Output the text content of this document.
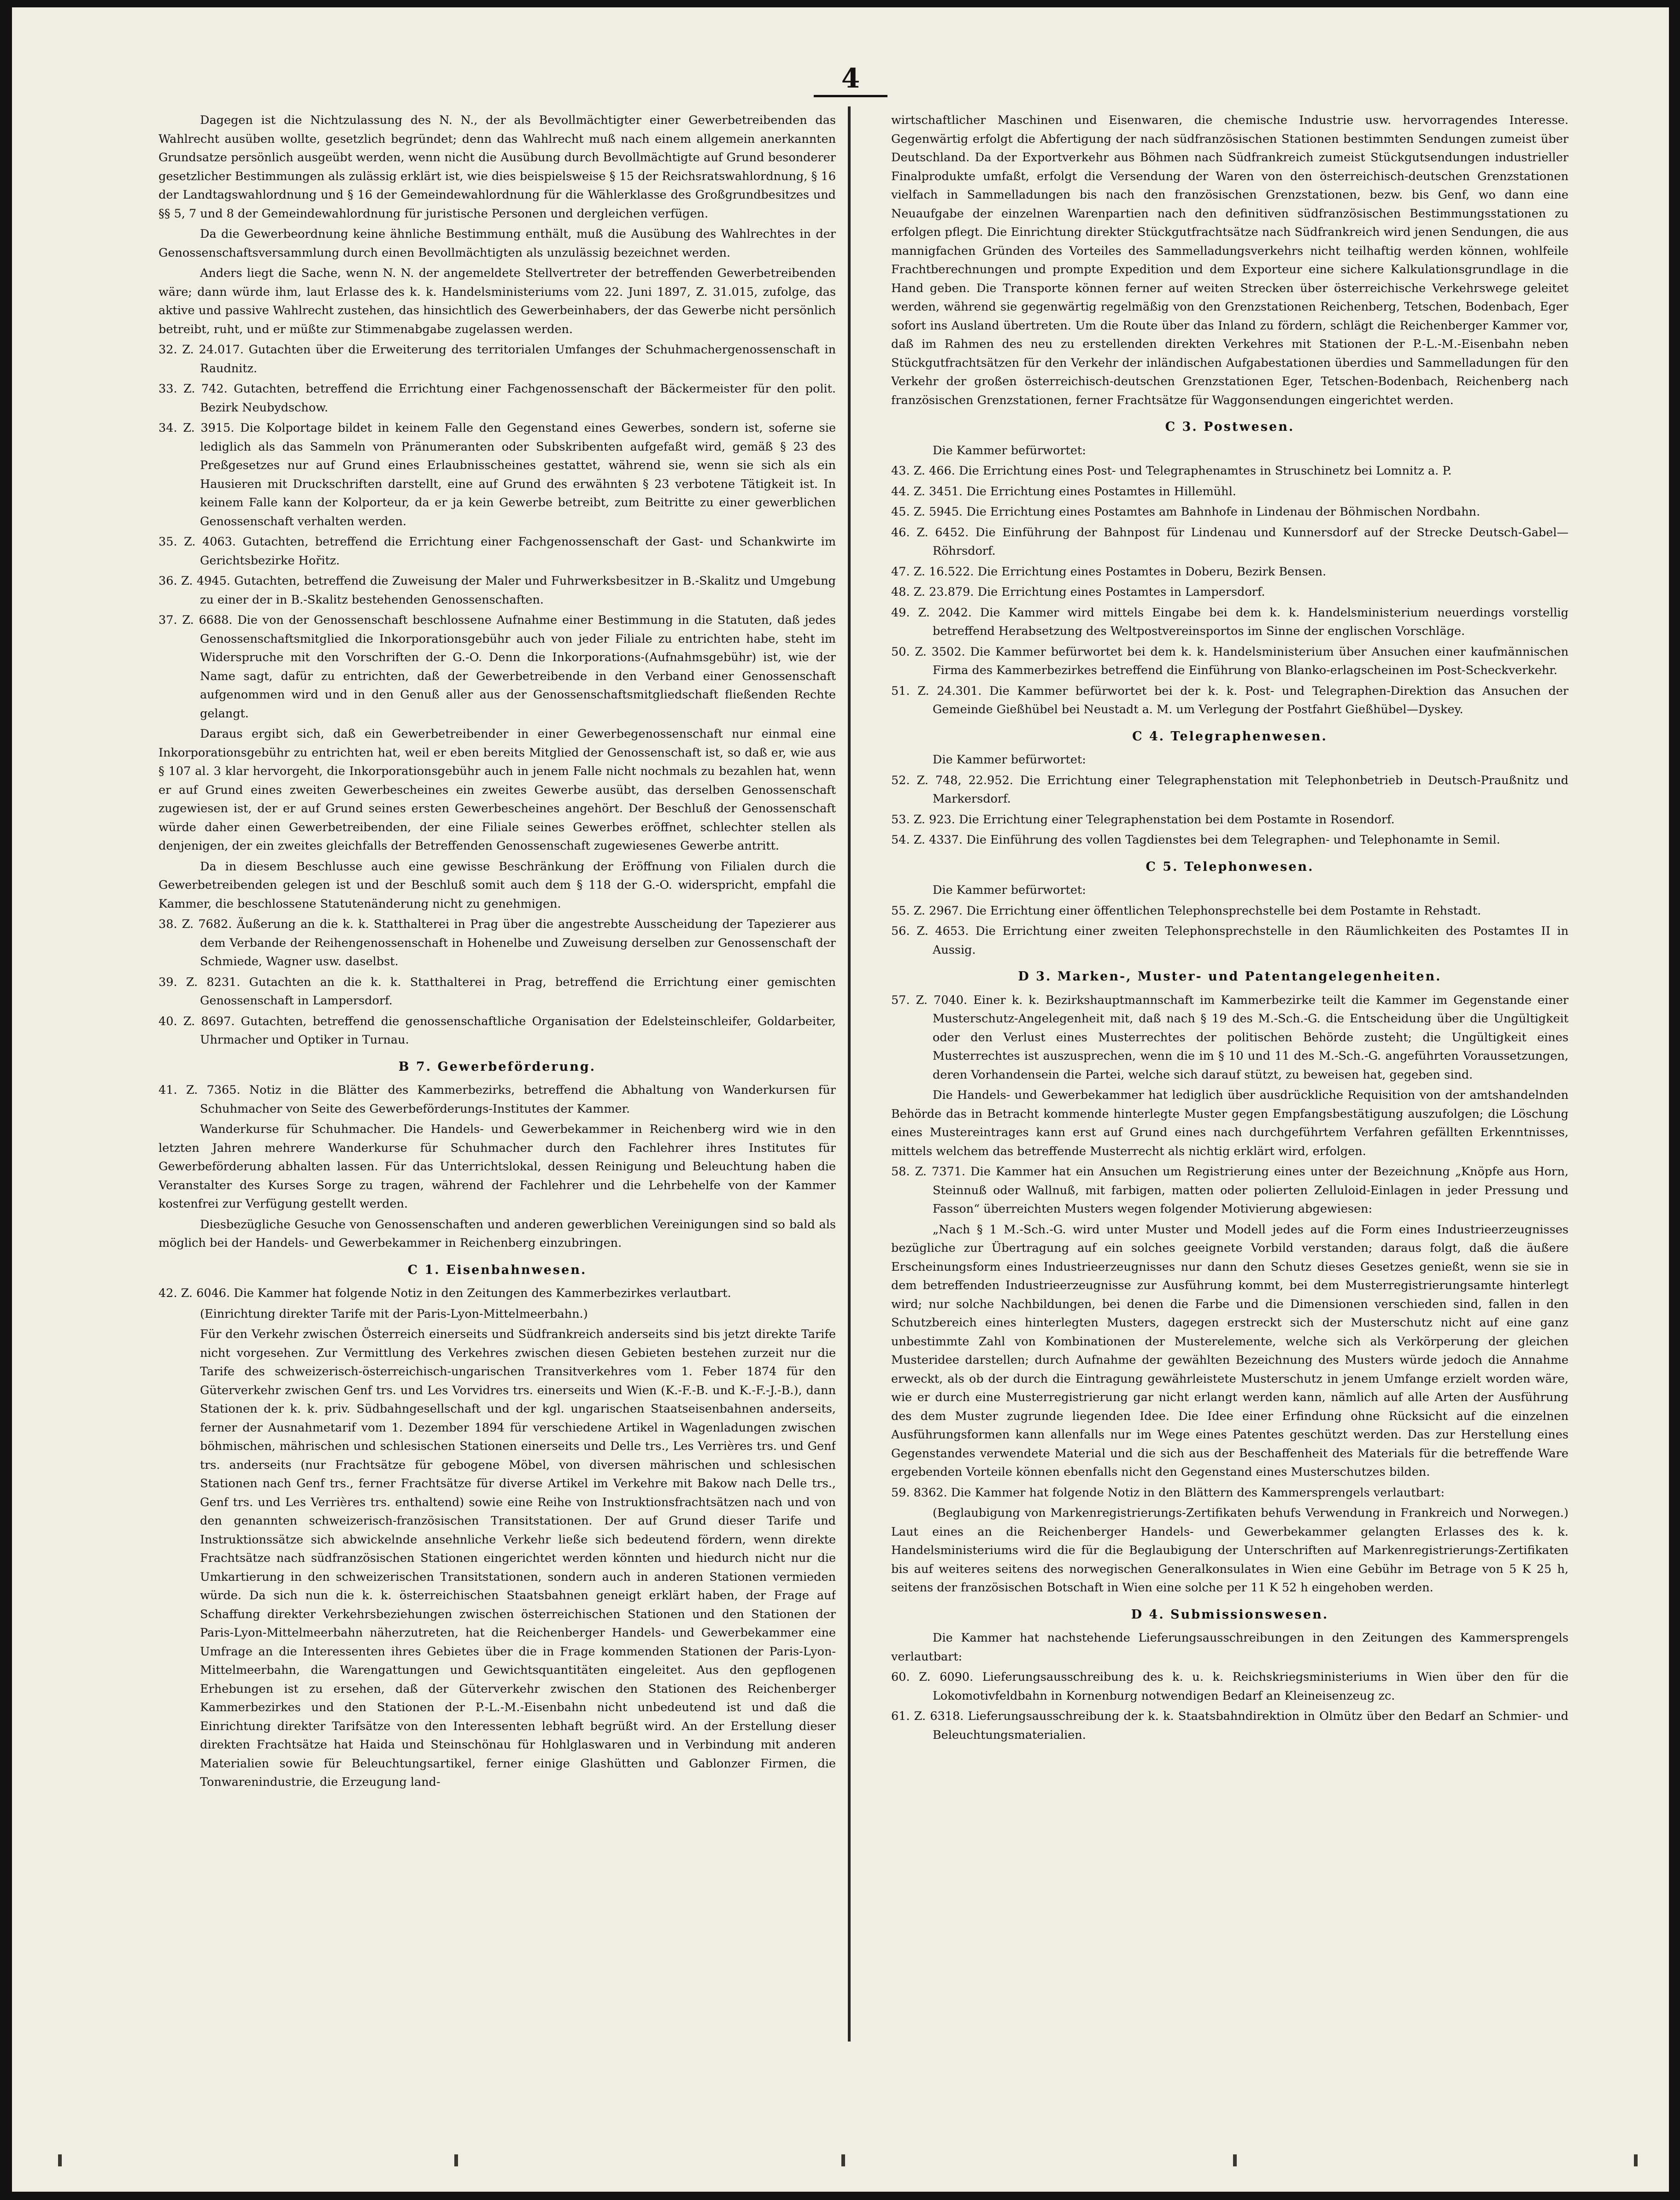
4

Dagegen ist die Nichtzulassung des N. N., der als Bevollmächtigter einer Gewerbetreibenden das Wahlrecht ausüben wollte, gesetzlich begründet; denn das Wahlrecht muß nach einem allgemein anerkannten Grundsatze persönlich ausgeübt werden, wenn nicht die Ausübung durch Bevollmächtigte auf Grund besonderer gesetzlicher Bestimmungen als zulässig erklärt ist, wie dies beispielsweise § 15 der Reichsratswahlordnung, § 16 der Landtagswahlordnung und § 16 der Gemeindewahlordnung für die Wählerklasse des Großgrundbesitzes und §§ 5, 7 und 8 der Gemeindewahlordnung für juristische Personen und dergleichen verfügen.

Da die Gewerbeordnung keine ähnliche Bestimmung enthält, muß die Ausübung des Wahlrechtes in der Genossenschaftsversammlung durch einen Bevollmächtigten als unzulässig bezeichnet werden.

Anders liegt die Sache, wenn N. N. der angemeldete Stellvertreter der betreffenden Gewerbetreibenden wäre; dann würde ihm, laut Erlasse des k. k. Handelsministeriums vom 22. Juni 1897, Z. 31.015, zufolge, das aktive und passive Wahlrecht zustehen, das hinsichtlich des Gewerbeinhabers, der das Gewerbe nicht persönlich betreibt, ruht, und er müßte zur Stimmenabgabe zugelassen werden.

32. Z. 24.017. Gutachten über die Erweiterung des territorialen Umfanges der Schuhmachergenossenschaft in Raudnitz.

33. Z. 742. Gutachten, betreffend die Errichtung einer Fachgenossenschaft der Bäckermeister für den polit. Bezirk Neubydschow.

34. Z. 3915. Die Kolportage bildet in keinem Falle den Gegenstand eines Gewerbes, sondern ist, soferne sie lediglich als das Sammeln von Pränumeranten oder Subskribenten aufgefaßt wird, gemäß § 23 des Preßgesetzes nur auf Grund eines Erlaubnisscheines gestattet, während sie, wenn sie sich als ein Hausieren mit Druckschriften darstellt, eine auf Grund des erwähnten § 23 verbotene Tätigkeit ist. In keinem Falle kann der Kolporteur, da er ja kein Gewerbe betreibt, zum Beitritte zu einer gewerblichen Genossenschaft verhalten werden.

35. Z. 4063. Gutachten, betreffend die Errichtung einer Fachgenossenschaft der Gast- und Schankwirte im Gerichtsbezirke Hořitz.

36. Z. 4945. Gutachten, betreffend die Zuweisung der Maler und Fuhrwerksbesitzer in B.-Skalitz und Umgebung zu einer der in B.-Skalitz bestehenden Genossenschaften.

37. Z. 6688. Die von der Genossenschaft beschlossene Aufnahme einer Bestimmung in die Statuten, daß jedes Genossenschaftsmitglied die Inkorporationsgebühr auch von jeder Filiale zu entrichten habe, steht im Widerspruche mit den Vorschriften der G.-O. Denn die Inkorporations-(Aufnahmsgebühr) ist, wie der Name sagt, dafür zu entrichten, daß der Gewerbetreibende in den Verband einer Genossenschaft aufgenommen wird und in den Genuß aller aus der Genossenschaftsmitgliedschaft fließenden Rechte gelangt.

Daraus ergibt sich, daß ein Gewerbetreibender in einer Gewerbegenossenschaft nur einmal eine Inkorporationsgebühr zu entrichten hat, weil er eben bereits Mitglied der Genossenschaft ist, so daß er, wie aus § 107 al. 3 klar hervorgeht, die Inkorporationsgebühr auch in jenem Falle nicht nochmals zu bezahlen hat, wenn er auf Grund eines zweiten Gewerbescheines ein zweites Gewerbe ausübt, das derselben Genossenschaft zugewiesen ist, der er auf Grund seines ersten Gewerbescheines angehört. Der Beschluß der Genossenschaft würde daher einen Gewerbetreibenden, der eine Filiale seines Gewerbes eröffnet, schlechter stellen als denjenigen, der ein zweites gleichfalls der Betreffenden Genossenschaft zugewiesenes Gewerbe antritt.

Da in diesem Beschlusse auch eine gewisse Beschränkung der Eröffnung von Filialen durch die Gewerbetreibenden gelegen ist und der Beschluß somit auch dem § 118 der G.-O. widerspricht, empfahl die Kammer, die beschlossene Statutenänderung nicht zu genehmigen.

38. Z. 7682. Äußerung an die k. k. Statthalterei in Prag über die angestrebte Ausscheidung der Tapezierer aus dem Verbande der Reihengenossenschaft in Hohenelbe und Zuweisung derselben zur Genossenschaft der Schmiede, Wagner usw. daselbst.

39. Z. 8231. Gutachten an die k. k. Statthalterei in Prag, betreffend die Errichtung einer gemischten Genossenschaft in Lampersdorf.

40. Z. 8697. Gutachten, betreffend die genossenschaftliche Organisation der Edelsteinschleifer, Goldarbeiter, Uhrmacher und Optiker in Turnau.

B 7. Gewerbeförderung.

41. Z. 7365. Notiz in die Blätter des Kammerbezirks, betreffend die Abhaltung von Wanderkursen für Schuhmacher von Seite des Gewerbeförderungs-Institutes der Kammer.

Wanderkurse für Schuhmacher. Die Handels- und Gewerbekammer in Reichenberg wird wie in den letzten Jahren mehrere Wanderkurse für Schuhmacher durch den Fachlehrer ihres Institutes für Gewerbeförderung abhalten lassen. Für das Unterrichtslokal, dessen Reinigung und Beleuchtung haben die Veranstalter des Kurses Sorge zu tragen, während der Fachlehrer und die Lehrbehelfe von der Kammer kostenfrei zur Verfügung gestellt werden.

Diesbezügliche Gesuche von Genossenschaften und anderen gewerblichen Vereinigungen sind so bald als möglich bei der Handels- und Gewerbekammer in Reichenberg einzubringen.

C 1. Eisenbahnwesen.

42. Z. 6046. Die Kammer hat folgende Notiz in den Zeitungen des Kammerbezirkes verlautbart.

(Einrichtung direkter Tarife mit der Paris-Lyon-Mittelmeerbahn.)

Für den Verkehr zwischen Österreich einerseits und Südfrankreich anderseits sind bis jetzt direkte Tarife nicht vorgesehen. Zur Vermittlung des Verkehres zwischen diesen Gebieten bestehen zurzeit nur die Tarife des schweizerisch-österreichisch-ungarischen Transitverkehres vom 1. Feber 1874 für den Güterverkehr zwischen Genf trs. und Les Vorvidres trs. einerseits und Wien (K.-F.-B. und K.-F.-J.-B.), dann Stationen der k. k. priv. Südbahngesellschaft und der kgl. ungarischen Staatseisenbahnen anderseits, ferner der Ausnahmetarif vom 1. Dezember 1894 für verschiedene Artikel in Wagenladungen zwischen böhmischen, mährischen und schlesischen Stationen einerseits und Delle trs., Les Verrières trs. und Genf trs. anderseits (nur Frachtsätze für gebogene Möbel, von diversen mährischen und schlesischen Stationen nach Genf trs., ferner Frachtsätze für diverse Artikel im Verkehre mit Bakow nach Delle trs., Genf trs. und Les Verrières trs. enthaltend) sowie eine Reihe von Instruktionsfrachtsätzen nach und von den genannten schweizerisch-französischen Transitstationen. Der auf Grund dieser Tarife und Instruktionssätze sich abwickelnde ansehnliche Verkehr ließe sich bedeutend fördern, wenn direkte Frachtsätze nach südfranzösischen Stationen eingerichtet werden könnten und hiedurch nicht nur die Umkartierung in den schweizerischen Transitstationen, sondern auch in anderen Stationen vermieden würde. Da sich nun die k. k. österreichischen Staatsbahnen geneigt erklärt haben, der Frage auf Schaffung direkter Verkehrsbeziehungen zwischen österreichischen Stationen und den Stationen der Paris-Lyon-Mittelmeerbahn näherzutreten, hat die Reichenberger Handels- und Gewerbekammer eine Umfrage an die Interessenten ihres Gebietes über die in Frage kommenden Stationen der Paris-Lyon-Mittelmeerbahn, die Warengattungen und Gewichtsquantitäten eingeleitet. Aus den gepflogenen Erhebungen ist zu ersehen, daß der Güterverkehr zwischen den Stationen des Reichenberger Kammerbezirkes und den Stationen der P.-L.-M.-Eisenbahn nicht unbedeutend ist und daß die Einrichtung direkter Tarifsätze von den Interessenten lebhaft begrüßt wird. An der Erstellung dieser direkten Frachtsätze hat Haida und Steinschönau für Hohlglaswaren und in Verbindung mit anderen Materialien sowie für Beleuchtungsartikel, ferner einige Glashütten und Gablonzer Firmen, die Tonwarenindustrie, die Erzeugung land-

wirtschaftlicher Maschinen und Eisenwaren, die chemische Industrie usw. hervorragendes Interesse. Gegenwärtig erfolgt die Abfertigung der nach südfranzösischen Stationen bestimmten Sendungen zumeist über Deutschland. Da der Exportverkehr aus Böhmen nach Südfrankreich zumeist Stückgutsendungen industrieller Finalprodukte umfaßt, erfolgt die Versendung der Waren von den österreichisch-deutschen Grenzstationen vielfach in Sammelladungen bis nach den französischen Grenzstationen, bezw. bis Genf, wo dann eine Neuaufgabe der einzelnen Warenpartien nach den definitiven südfranzösischen Bestimmungsstationen zu erfolgen pflegt. Die Einrichtung direkter Stückgutfrachtsätze nach Südfrankreich wird jenen Sendungen, die aus mannigfachen Gründen des Vorteiles des Sammelladungsverkehrs nicht teilhaftig werden können, wohlfeile Frachtberechnungen und prompte Expedition und dem Exporteur eine sichere Kalkulationsgrundlage in die Hand geben. Die Transporte können ferner auf weiten Strecken über österreichische Verkehrswege geleitet werden, während sie gegenwärtig regelmäßig von den Grenzstationen Reichenberg, Tetschen, Bodenbach, Eger sofort ins Ausland übertreten. Um die Route über das Inland zu fördern, schlägt die Reichenberger Kammer vor, daß im Rahmen des neu zu erstellenden direkten Verkehres mit Stationen der P.-L.-M.-Eisenbahn neben Stückgutfrachtsätzen für den Verkehr der inländischen Aufgabestationen überdies und Sammelladungen für den Verkehr der großen österreichisch-deutschen Grenzstationen Eger, Tetschen-Bodenbach, Reichenberg nach französischen Grenzstationen, ferner Frachtsätze für Waggonsendungen eingerichtet werden.

C 3. Postwesen.

Die Kammer befürwortet:

43. Z. 466. Die Errichtung eines Post- und Telegraphenamtes in Struschinetz bei Lomnitz a. P.

44. Z. 3451. Die Errichtung eines Postamtes in Hillemühl.

45. Z. 5945. Die Errichtung eines Postamtes am Bahnhofe in Lindenau der Böhmischen Nordbahn.

46. Z. 6452. Die Einführung der Bahnpost für Lindenau und Kunnersdorf auf der Strecke Deutsch-Gabel—Röhrsdorf.

47. Z. 16.522. Die Errichtung eines Postamtes in Doberu, Bezirk Bensen.

48. Z. 23.879. Die Errichtung eines Postamtes in Lampersdorf.

49. Z. 2042. Die Kammer wird mittels Eingabe bei dem k. k. Handelsministerium neuerdings vorstellig betreffend Herabsetzung des Weltpostvereinsportos im Sinne der englischen Vorschläge.

50. Z. 3502. Die Kammer befürwortet bei dem k. k. Handelsministerium über Ansuchen einer kaufmännischen Firma des Kammerbezirkes betreffend die Einführung von Blanko-erlagscheinen im Post-Scheckverkehr.

51. Z. 24.301. Die Kammer befürwortet bei der k. k. Post- und Telegraphen-Direktion das Ansuchen der Gemeinde Gießhübel bei Neustadt a. M. um Verlegung der Postfahrt Gießhübel—Dyskey.

C 4. Telegraphenwesen.

Die Kammer befürwortet:

52. Z. 748, 22.952. Die Errichtung einer Telegraphenstation mit Telephonbetrieb in Deutsch-Praußnitz und Markersdorf.

53. Z. 923. Die Errichtung einer Telegraphenstation bei dem Postamte in Rosendorf.

54. Z. 4337. Die Einführung des vollen Tagdienstes bei dem Telegraphen- und Telephonamte in Semil.

C 5. Telephonwesen.

Die Kammer befürwortet:

55. Z. 2967. Die Errichtung einer öffentlichen Telephonsprechstelle bei dem Postamte in Rehstadt.

56. Z. 4653. Die Errichtung einer zweiten Telephonsprechstelle in den Räumlichkeiten des Postamtes II in Aussig.

D 3. Marken-, Muster- und Patentangelegenheiten.

57. Z. 7040. Einer k. k. Bezirkshauptmannschaft im Kammerbezirke teilt die Kammer im Gegenstande einer Musterschutz-Angelegenheit mit, daß nach § 19 des M.-Sch.-G. die Entscheidung über die Ungültigkeit oder den Verlust eines Musterrechtes der politischen Behörde zusteht; die Ungültigkeit eines Musterrechtes ist auszusprechen, wenn die im § 10 und 11 des M.-Sch.-G. angeführten Voraussetzungen, deren Vorhandensein die Partei, welche sich darauf stützt, zu beweisen hat, gegeben sind.

Die Handels- und Gewerbekammer hat lediglich über ausdrückliche Requisition von der amtshandelnden Behörde das in Betracht kommende hinterlegte Muster gegen Empfangsbestätigung auszufolgen; die Löschung eines Mustereintrages kann erst auf Grund eines nach durchgeführtem Verfahren gefällten Erkenntnisses, mittels welchem das betreffende Musterrecht als nichtig erklärt wird, erfolgen.

58. Z. 7371. Die Kammer hat ein Ansuchen um Registrierung eines unter der Bezeichnung „Knöpfe aus Horn, Steinnuß oder Wallnuß, mit farbigen, matten oder polierten Zelluloid-Einlagen in jeder Pressung und Fasson“ überreichten Musters wegen folgender Motivierung abgewiesen:

„Nach § 1 M.-Sch.-G. wird unter Muster und Modell jedes auf die Form eines Industrieerzeugnisses bezügliche zur Übertragung auf ein solches geeignete Vorbild verstanden; daraus folgt, daß die äußere Erscheinungsform eines Industrieerzeugnisses nur dann den Schutz dieses Gesetzes genießt, wenn sie sie in dem betreffenden Industrieerzeugnisse zur Ausführung kommt, bei dem Musterregistrierungsamte hinterlegt wird; nur solche Nachbildungen, bei denen die Farbe und die Dimensionen verschieden sind, fallen in den Schutzbereich eines hinterlegten Musters, dagegen erstreckt sich der Musterschutz nicht auf eine ganz unbestimmte Zahl von Kombinationen der Musterelemente, welche sich als Verkörperung der gleichen Musteridee darstellen; durch Aufnahme der gewählten Bezeichnung des Musters würde jedoch die Annahme erweckt, als ob der durch die Eintragung gewährleistete Musterschutz in jenem Umfange erzielt worden wäre, wie er durch eine Musterregistrierung gar nicht erlangt werden kann, nämlich auf alle Arten der Ausführung des dem Muster zugrunde liegenden Idee. Die Idee einer Erfindung ohne Rücksicht auf die einzelnen Ausführungsformen kann allenfalls nur im Wege eines Patentes geschützt werden. Das zur Herstellung eines Gegenstandes verwendete Material und die sich aus der Beschaffenheit des Materials für die betreffende Ware ergebenden Vorteile können ebenfalls nicht den Gegenstand eines Musterschutzes bilden.

59. 8362. Die Kammer hat folgende Notiz in den Blättern des Kammersprengels verlautbart:

(Beglaubigung von Markenregistrierungs-Zertifikaten behufs Verwendung in Frankreich und Norwegen.) Laut eines an die Reichenberger Handels- und Gewerbekammer gelangten Erlasses des k. k. Handelsministeriums wird die für die Beglaubigung der Unterschriften auf Markenregistrierungs-Zertifikaten bis auf weiteres seitens des norwegischen Generalkonsulates in Wien eine Gebühr im Betrage von 5 K 25 h, seitens der französischen Botschaft in Wien eine solche per 11 K 52 h eingehoben werden.

D 4. Submissionswesen.

Die Kammer hat nachstehende Lieferungsausschreibungen in den Zeitungen des Kammersprengels verlautbart:

60. Z. 6090. Lieferungsausschreibung des k. u. k. Reichskriegsministeriums in Wien über den für die Lokomotivfeldbahn in Kornenburg notwendigen Bedarf an Kleineisenzeug zc.

61. Z. 6318. Lieferungsausschreibung der k. k. Staatsbahndirektion in Olmütz über den Bedarf an Schmier- und Beleuchtungsmaterialien.
